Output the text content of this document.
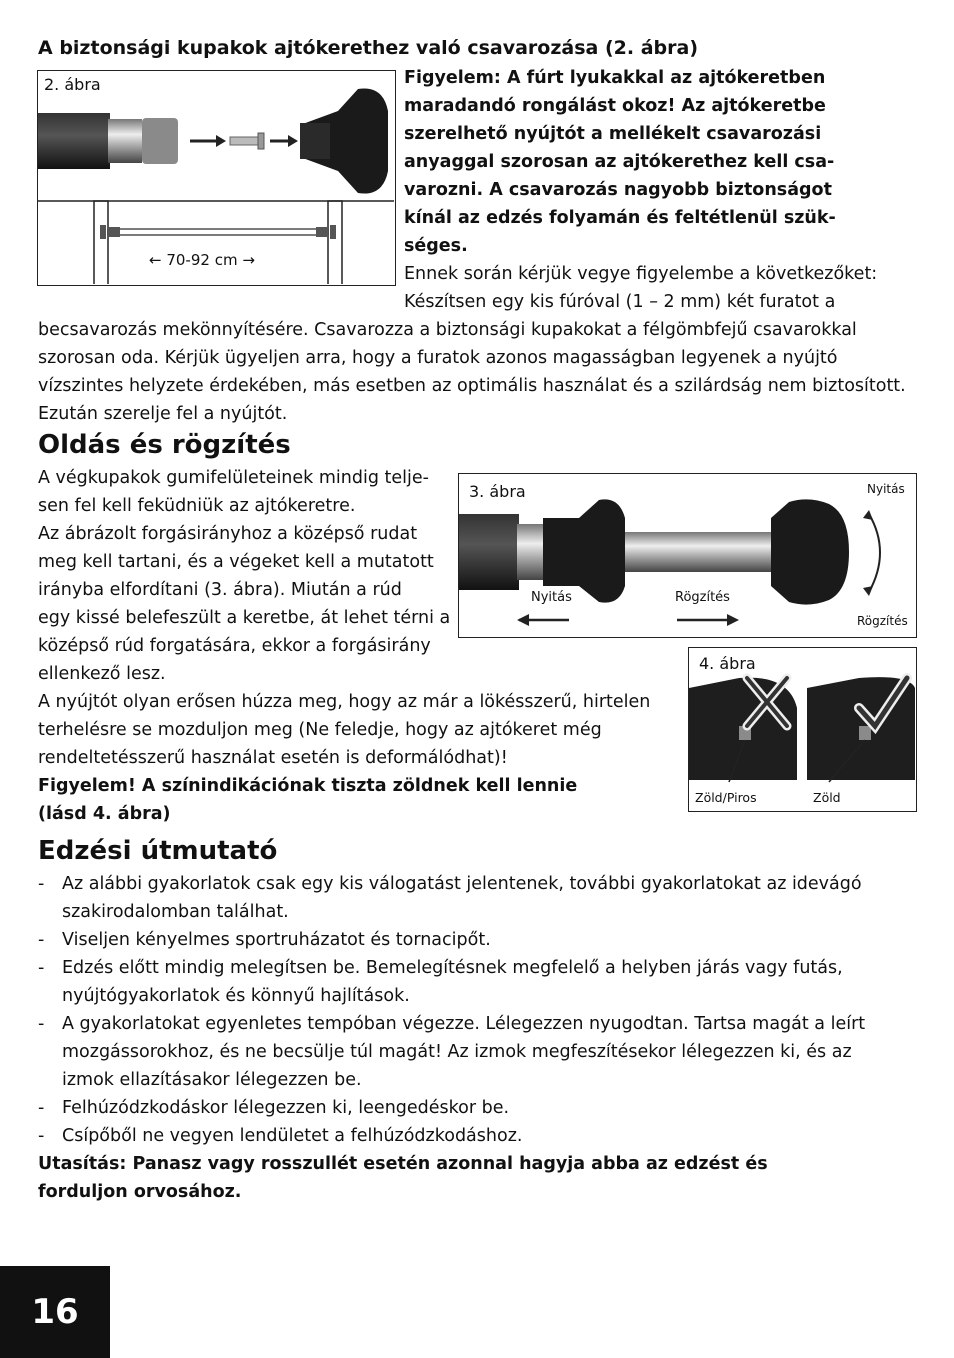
A biztonsági kupakok ajtókerethez való csavarozása (2. ábra)
2. ábra
← 70-92 cm →
Figyelem: A fúrt lyukakkal az ajtókeretben
maradandó rongálást okoz! Az ajtókeretbe
szerelhető nyújtót a mellékelt csavarozási
anyaggal szorosan az ajtókerethez kell csa-
varozni. A csavarozás nagyobb biztonságot
kínál az edzés folyamán és feltétlenül szük-
séges.
Ennek során kérjük vegye figyelembe a következőket:
Készítsen egy kis fúróval (1 – 2 mm) két furatot a
becsavarozás mekönnyítésére. Csavarozza a biztonsági kupakokat a félgömbfejű csavarokkal
szorosan oda. Kérjük ügyeljen arra, hogy a furatok azonos magasságban legyenek a nyújtó
vízszintes helyzete érdekében, más esetben az optimális használat és a szilárdság nem biztosított.
Ezután szerelje fel a nyújtót.
Oldás és rögzítés
A végkupakok gumifelületeinek mindig telje-
sen fel kell feküdniük az ajtókeretre.
Az ábrázolt forgásirányhoz a középső rudat
meg kell tartani, és a végeket kell a mutatott
irányba elfordítani (3. ábra). Miután a rúd
egy kissé belefeszült a keretbe, át lehet térni a
középső rúd forgatására, ekkor a forgásirány
ellenkező lesz.
A nyújtót olyan erősen húzza meg, hogy az már a lökésszerű, hirtelen
terhelésre se mozduljon meg (Ne feledje, hogy az ajtókeret még
rendeltetésszerű használat esetén is deformálódhat)!
Figyelem! A színindikációnak tiszta zöldnek kell lennie
(lásd 4. ábra)
3. ábra	Nyitás
Nyitás	Rögzítés
Rögzítés
4. ábra
Zöld/Piros	Zöld
Edzési útmutató
- Az alábbi gyakorlatok csak egy kis válogatást jelentenek, további gyakorlatokat az idevágó
szakirodalomban találhat.
- Viseljen kényelmes sportruházatot és tornacipőt.
- Edzés előtt mindig melegítsen be. Bemelegítésnek megfelelő a helyben járás vagy futás,
nyújtógyakorlatok és könnyű hajlítások.
- A gyakorlatokat egyenletes tempóban végezze. Lélegezzen nyugodtan. Tartsa magát a leírt
mozgássorokhoz, és ne becsülje túl magát! Az izmok megfeszítésekor lélegezzen ki, és az
izmok ellazításakor lélegezzen be.
- Felhúzódzkodáskor lélegezzen ki, leengedéskor be.
- Csípőből ne vegyen lendületet a felhúzódzkodáshoz.
Utasítás: Panasz vagy rosszullét esetén azonnal hagyja abba az edzést és
forduljon orvosához.
16
